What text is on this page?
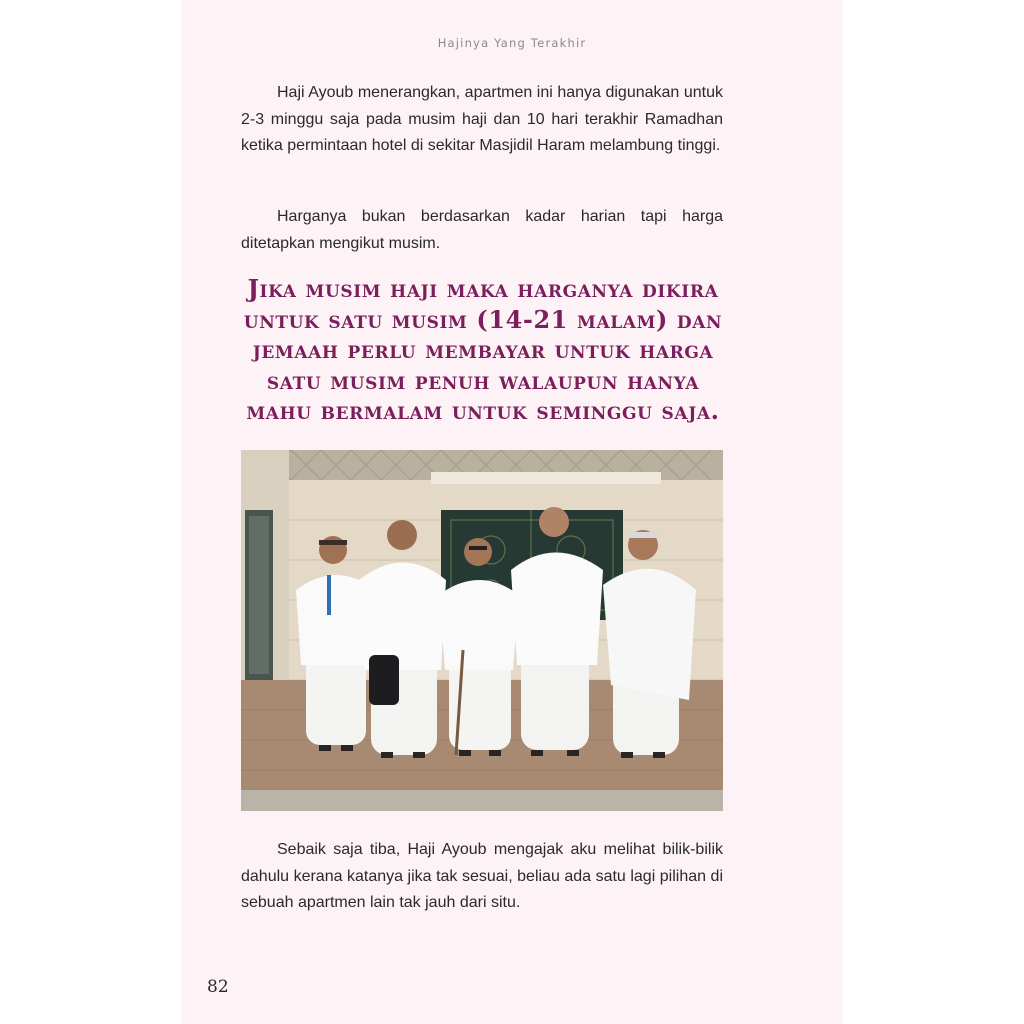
Hajinya Yang Terakhir

Haji Ayoub menerangkan, apartmen ini hanya digunakan untuk 2-3 minggu saja pada musim haji dan 10 hari terakhir Ramadhan ketika permintaan hotel di sekitar Masjidil Haram melambung tinggi.

Harganya bukan berdasarkan kadar harian tapi harga ditetapkan mengikut musim.

Jika musim haji maka harganya dikira untuk satu musim (14-21 malam) dan jemaah perlu membayar untuk harga satu musim penuh walaupun hanya mahu bermalam untuk seminggu saja.

Sebaik saja tiba, Haji Ayoub mengajak aku melihat bilik-bilik dahulu kerana katanya jika tak sesuai, beliau ada satu lagi pilihan di sebuah apartmen lain tak jauh dari situ.

82
